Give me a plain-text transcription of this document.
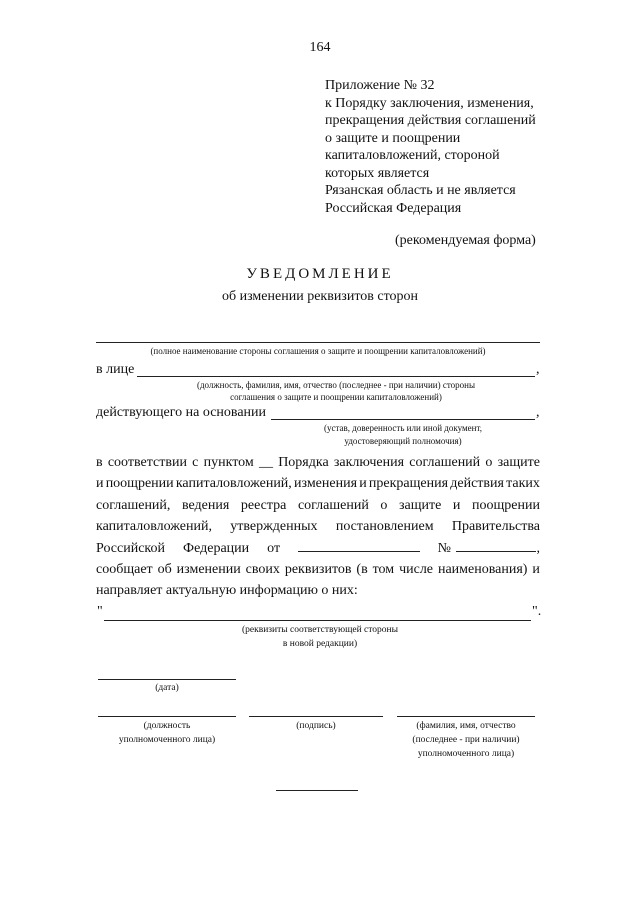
164
Приложение № 32
к Порядку заключения, изменения,
прекращения действия соглашений
о защите и поощрении
капиталовложений, стороной
которых является
Рязанская область и не является
Российская Федерация
(рекомендуемая форма)
УВЕДОМЛЕНИЕ
об изменении реквизитов сторон
(полное наименование стороны соглашения о защите и поощрении капиталовложений)
в лице	,
(должность, фамилия, имя, отчество (последнее - при наличии) стороны
соглашения о защите и поощрении капиталовложений)
действующего на основании	,
(устав, доверенность или иной документ,
удостоверяющий полномочия)
в соответствии с пунктом __ Порядка заключения соглашений о защите
и поощрении капиталовложений, изменения и прекращения действия таких
соглашений, ведения реестра соглашений о защите и поощрении
капиталовложений, утвержденных постановлением Правительства
Российской Федерации от	№	,
сообщает об изменении своих реквизитов (в том числе наименования) и
направляет актуальную информацию о них:
"	".
(реквизиты соответствующей стороны
в новой редакции)
(дата)
(должность
уполномоченного лица)
(подпись)	(фамилия, имя, отчество
(последнее - при наличии)
уполномоченного лица)
